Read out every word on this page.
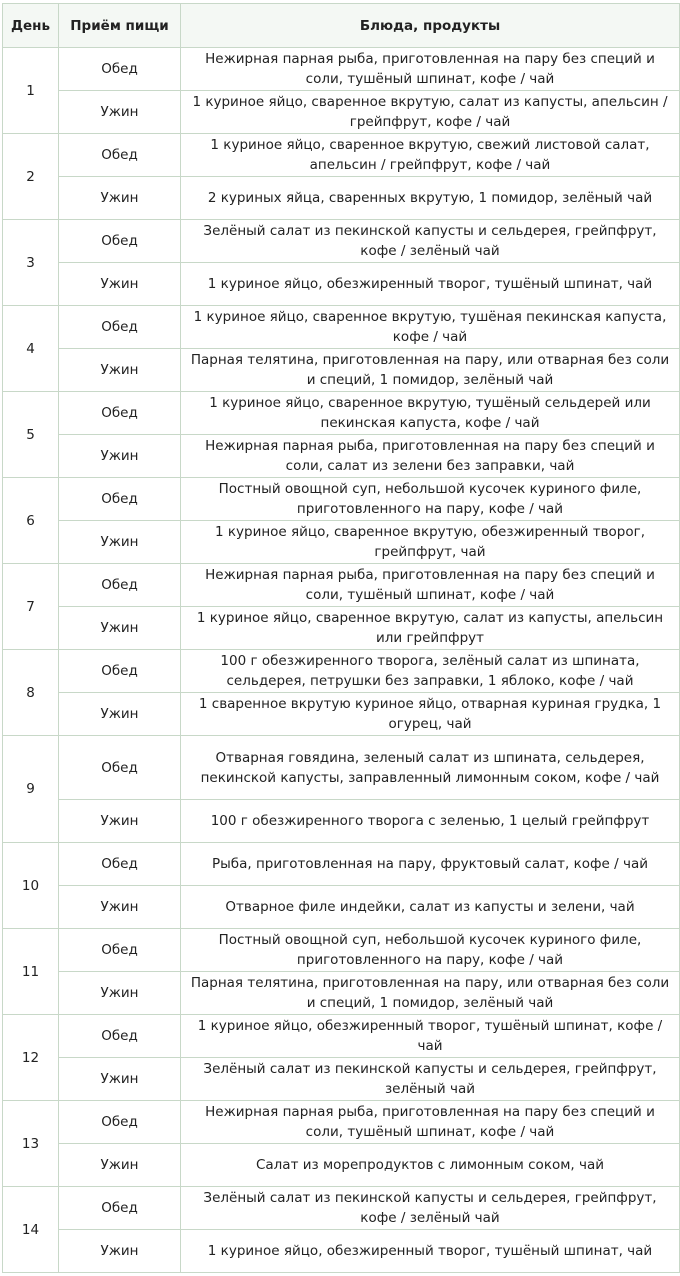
День	Приём пищи	Блюда, продукты
1	Обед	Нежирная парная рыба, приготовленная на пару без специй и соли, тушёный шпинат, кофе / чай
	Ужин	1 куриное яйцо, сваренное вкрутую, салат из капусты, апельсин / грейпфрут, кофе / чай
2	Обед	1 куриное яйцо, сваренное вкрутую, свежий листовой салат, апельсин / грейпфрут, кофе / чай
	Ужин	2 куриных яйца, сваренных вкрутую, 1 помидор, зелёный чай
3	Обед	Зелёный салат из пекинской капусты и сельдерея, грейпфрут, кофе / зелёный чай
	Ужин	1 куриное яйцо, обезжиренный творог, тушёный шпинат, чай
4	Обед	1 куриное яйцо, сваренное вкрутую, тушёная пекинская капуста, кофе / чай
	Ужин	Парная телятина, приготовленная на пару, или отварная без соли и специй, 1 помидор, зелёный чай
5	Обед	1 куриное яйцо, сваренное вкрутую, тушёный сельдерей или пекинская капуста, кофе / чай
	Ужин	Нежирная парная рыба, приготовленная на пару без специй и соли, салат из зелени без заправки, чай
6	Обед	Постный овощной суп, небольшой кусочек куриного филе, приготовленного на пару, кофе / чай
	Ужин	1 куриное яйцо, сваренное вкрутую, обезжиренный творог, грейпфрут, чай
7	Обед	Нежирная парная рыба, приготовленная на пару без специй и соли, тушёный шпинат, кофе / чай
	Ужин	1 куриное яйцо, сваренное вкрутую, салат из капусты, апельсин или грейпфрут
8	Обед	100 г обезжиренного творога, зелёный салат из шпината, сельдерея, петрушки без заправки, 1 яблоко, кофе / чай
	Ужин	1 сваренное вкрутую куриное яйцо, отварная куриная грудка, 1 огурец, чай
9	Обед	Отварная говядина, зеленый салат из шпината, сельдерея, пекинской капусты, заправленный лимонным соком, кофе / чай
	Ужин	100 г обезжиренного творога с зеленью, 1 целый грейпфрут
10	Обед	Рыба, приготовленная на пару, фруктовый салат, кофе / чай
	Ужин	Отварное филе индейки, салат из капусты и зелени, чай
11	Обед	Постный овощной суп, небольшой кусочек куриного филе, приготовленного на пару, кофе / чай
	Ужин	Парная телятина, приготовленная на пару, или отварная без соли и специй, 1 помидор, зелёный чай
12	Обед	1 куриное яйцо, обезжиренный творог, тушёный шпинат, кофе / чай
	Ужин	Зелёный салат из пекинской капусты и сельдерея, грейпфрут, зелёный чай
13	Обед	Нежирная парная рыба, приготовленная на пару без специй и соли, тушёный шпинат, кофе / чай
	Ужин	Салат из морепродуктов с лимонным соком, чай
14	Обед	Зелёный салат из пекинской капусты и сельдерея, грейпфрут, кофе / зелёный чай
	Ужин	1 куриное яйцо, обезжиренный творог, тушёный шпинат, чай
